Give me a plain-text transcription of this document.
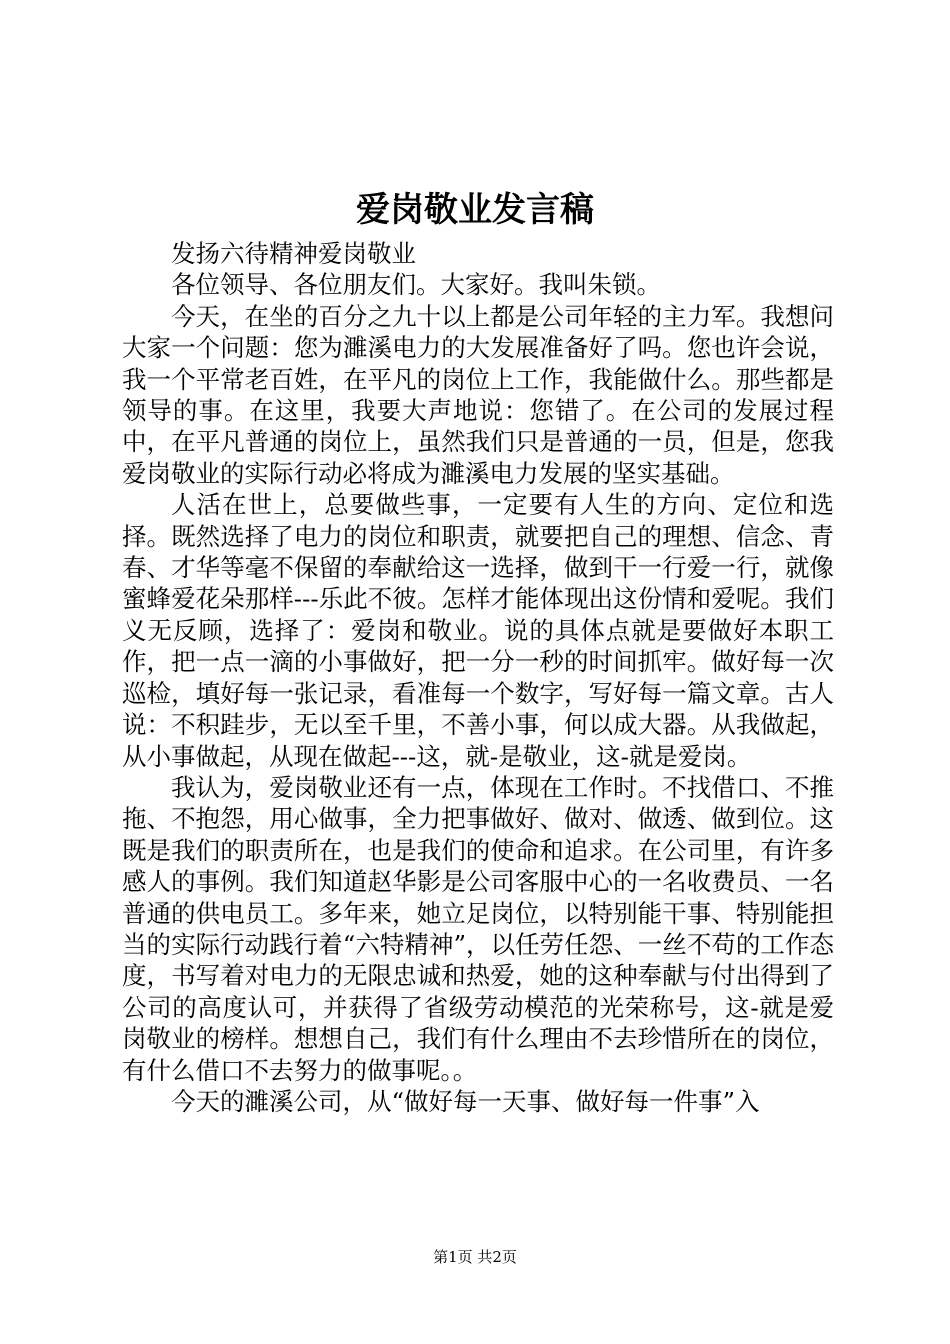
爱岗敬业发言稿

发扬六待精神爱岗敬业

各位领导、各位朋友们。大家好。我叫朱锁。

今天，在坐的百分之九十以上都是公司年轻的主力军。我想问大家一个问题：您为濉溪电力的大发展准备好了吗。您也许会说，我一个平常老百姓，在平凡的岗位上工作，我能做什么。那些都是领导的事。在这里，我要大声地说：您错了。在公司的发展过程中，在平凡普通的岗位上，虽然我们只是普通的一员，但是，您我爱岗敬业的实际行动必将成为濉溪电力发展的坚实基础。

人活在世上，总要做些事，一定要有人生的方向、定位和选择。既然选择了电力的岗位和职责，就要把自己的理想、信念、青春、才华等毫不保留的奉献给这一选择，做到干一行爱一行，就像蜜蜂爱花朵那样---乐此不彼。怎样才能体现出这份情和爱呢。我们义无反顾，选择了：爱岗和敬业。说的具体点就是要做好本职工作，把一点一滴的小事做好，把一分一秒的时间抓牢。做好每一次巡检，填好每一张记录，看准每一个数字，写好每一篇文章。古人说：不积跬步，无以至千里，不善小事，何以成大器。从我做起，从小事做起，从现在做起---这，就-是敬业，这-就是爱岗。

我认为，爱岗敬业还有一点，体现在工作时。不找借口、不推拖、不抱怨，用心做事，全力把事做好、做对、做透、做到位。这既是我们的职责所在，也是我们的使命和追求。在公司里，有许多感人的事例。我们知道赵华影是公司客服中心的一名收费员、一名普通的供电员工。多年来，她立足岗位，以特别能干事、特别能担当的实际行动践行着“六特精神”，以任劳任怨、一丝不苟的工作态度，书写着对电力的无限忠诚和热爱，她的这种奉献与付出得到了公司的高度认可，并获得了省级劳动模范的光荣称号，这-就是爱岗敬业的榜样。想想自己，我们有什么理由不去珍惜所在的岗位，有什么借口不去努力的做事呢。。

今天的濉溪公司，从“做好每一天事、做好每一件事”入

第1页 共2页
